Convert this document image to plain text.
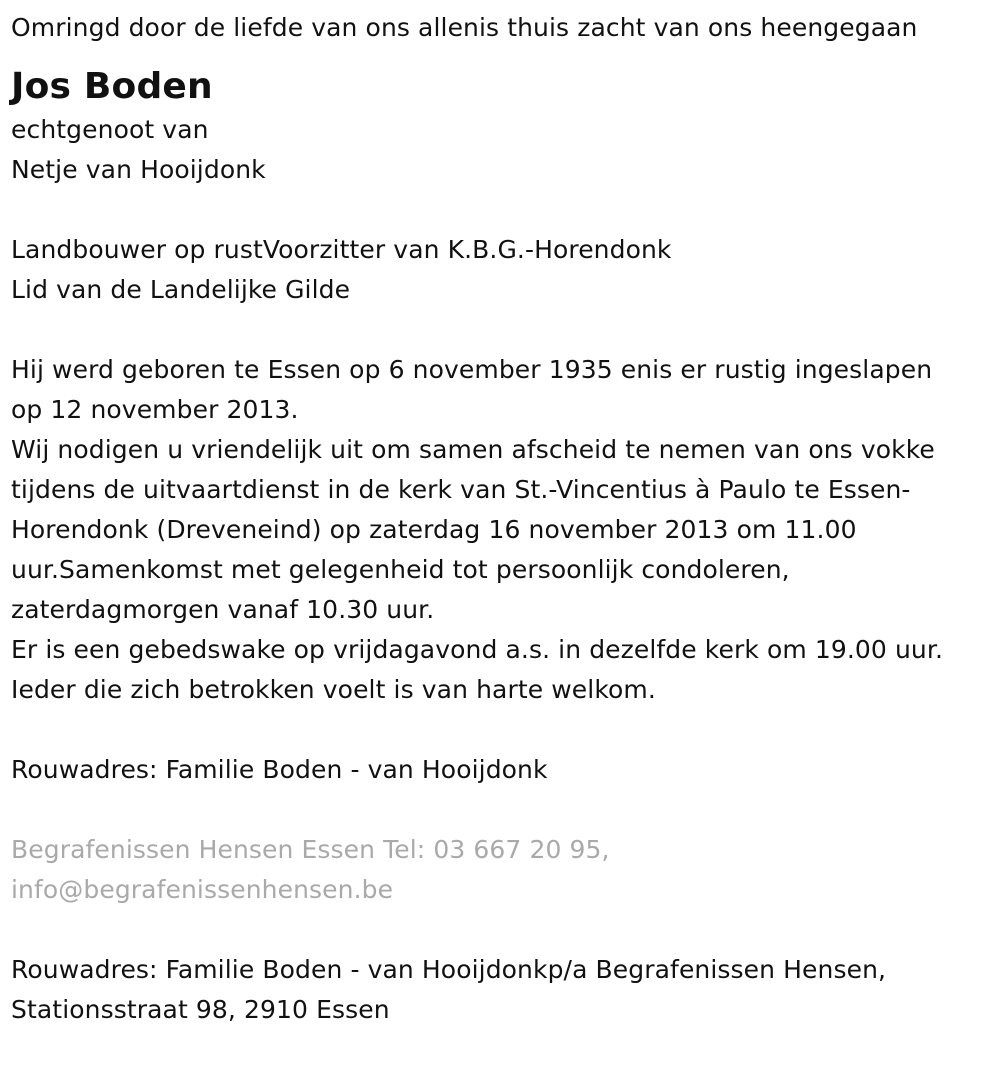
Omringd door de liefde van ons allenis thuis zacht van ons heengegaan
Jos Boden
echtgenoot van
Netje van Hooijdonk
Landbouwer op rustVoorzitter van K.B.G.-Horendonk
Lid van de Landelijke Gilde
Hij werd geboren te Essen op 6 november 1935 enis er rustig ingeslapen
op 12 november 2013.
Wij nodigen u vriendelijk uit om samen afscheid te nemen van ons vokke
tijdens de uitvaartdienst in de kerk van St.-Vincentius à Paulo te Essen-
Horendonk (Dreveneind) op zaterdag 16 november 2013 om 11.00
uur.Samenkomst met gelegenheid tot persoonlijk condoleren,
zaterdagmorgen vanaf 10.30 uur.
Er is een gebedswake op vrijdagavond a.s. in dezelfde kerk om 19.00 uur.
Ieder die zich betrokken voelt is van harte welkom.
Rouwadres: Familie Boden - van Hooijdonk
Begrafenissen Hensen Essen Tel: 03 667 20 95,
info@begrafenissenhensen.be
Rouwadres: Familie Boden - van Hooijdonkp/a Begrafenissen Hensen,
Stationsstraat 98, 2910 Essen
